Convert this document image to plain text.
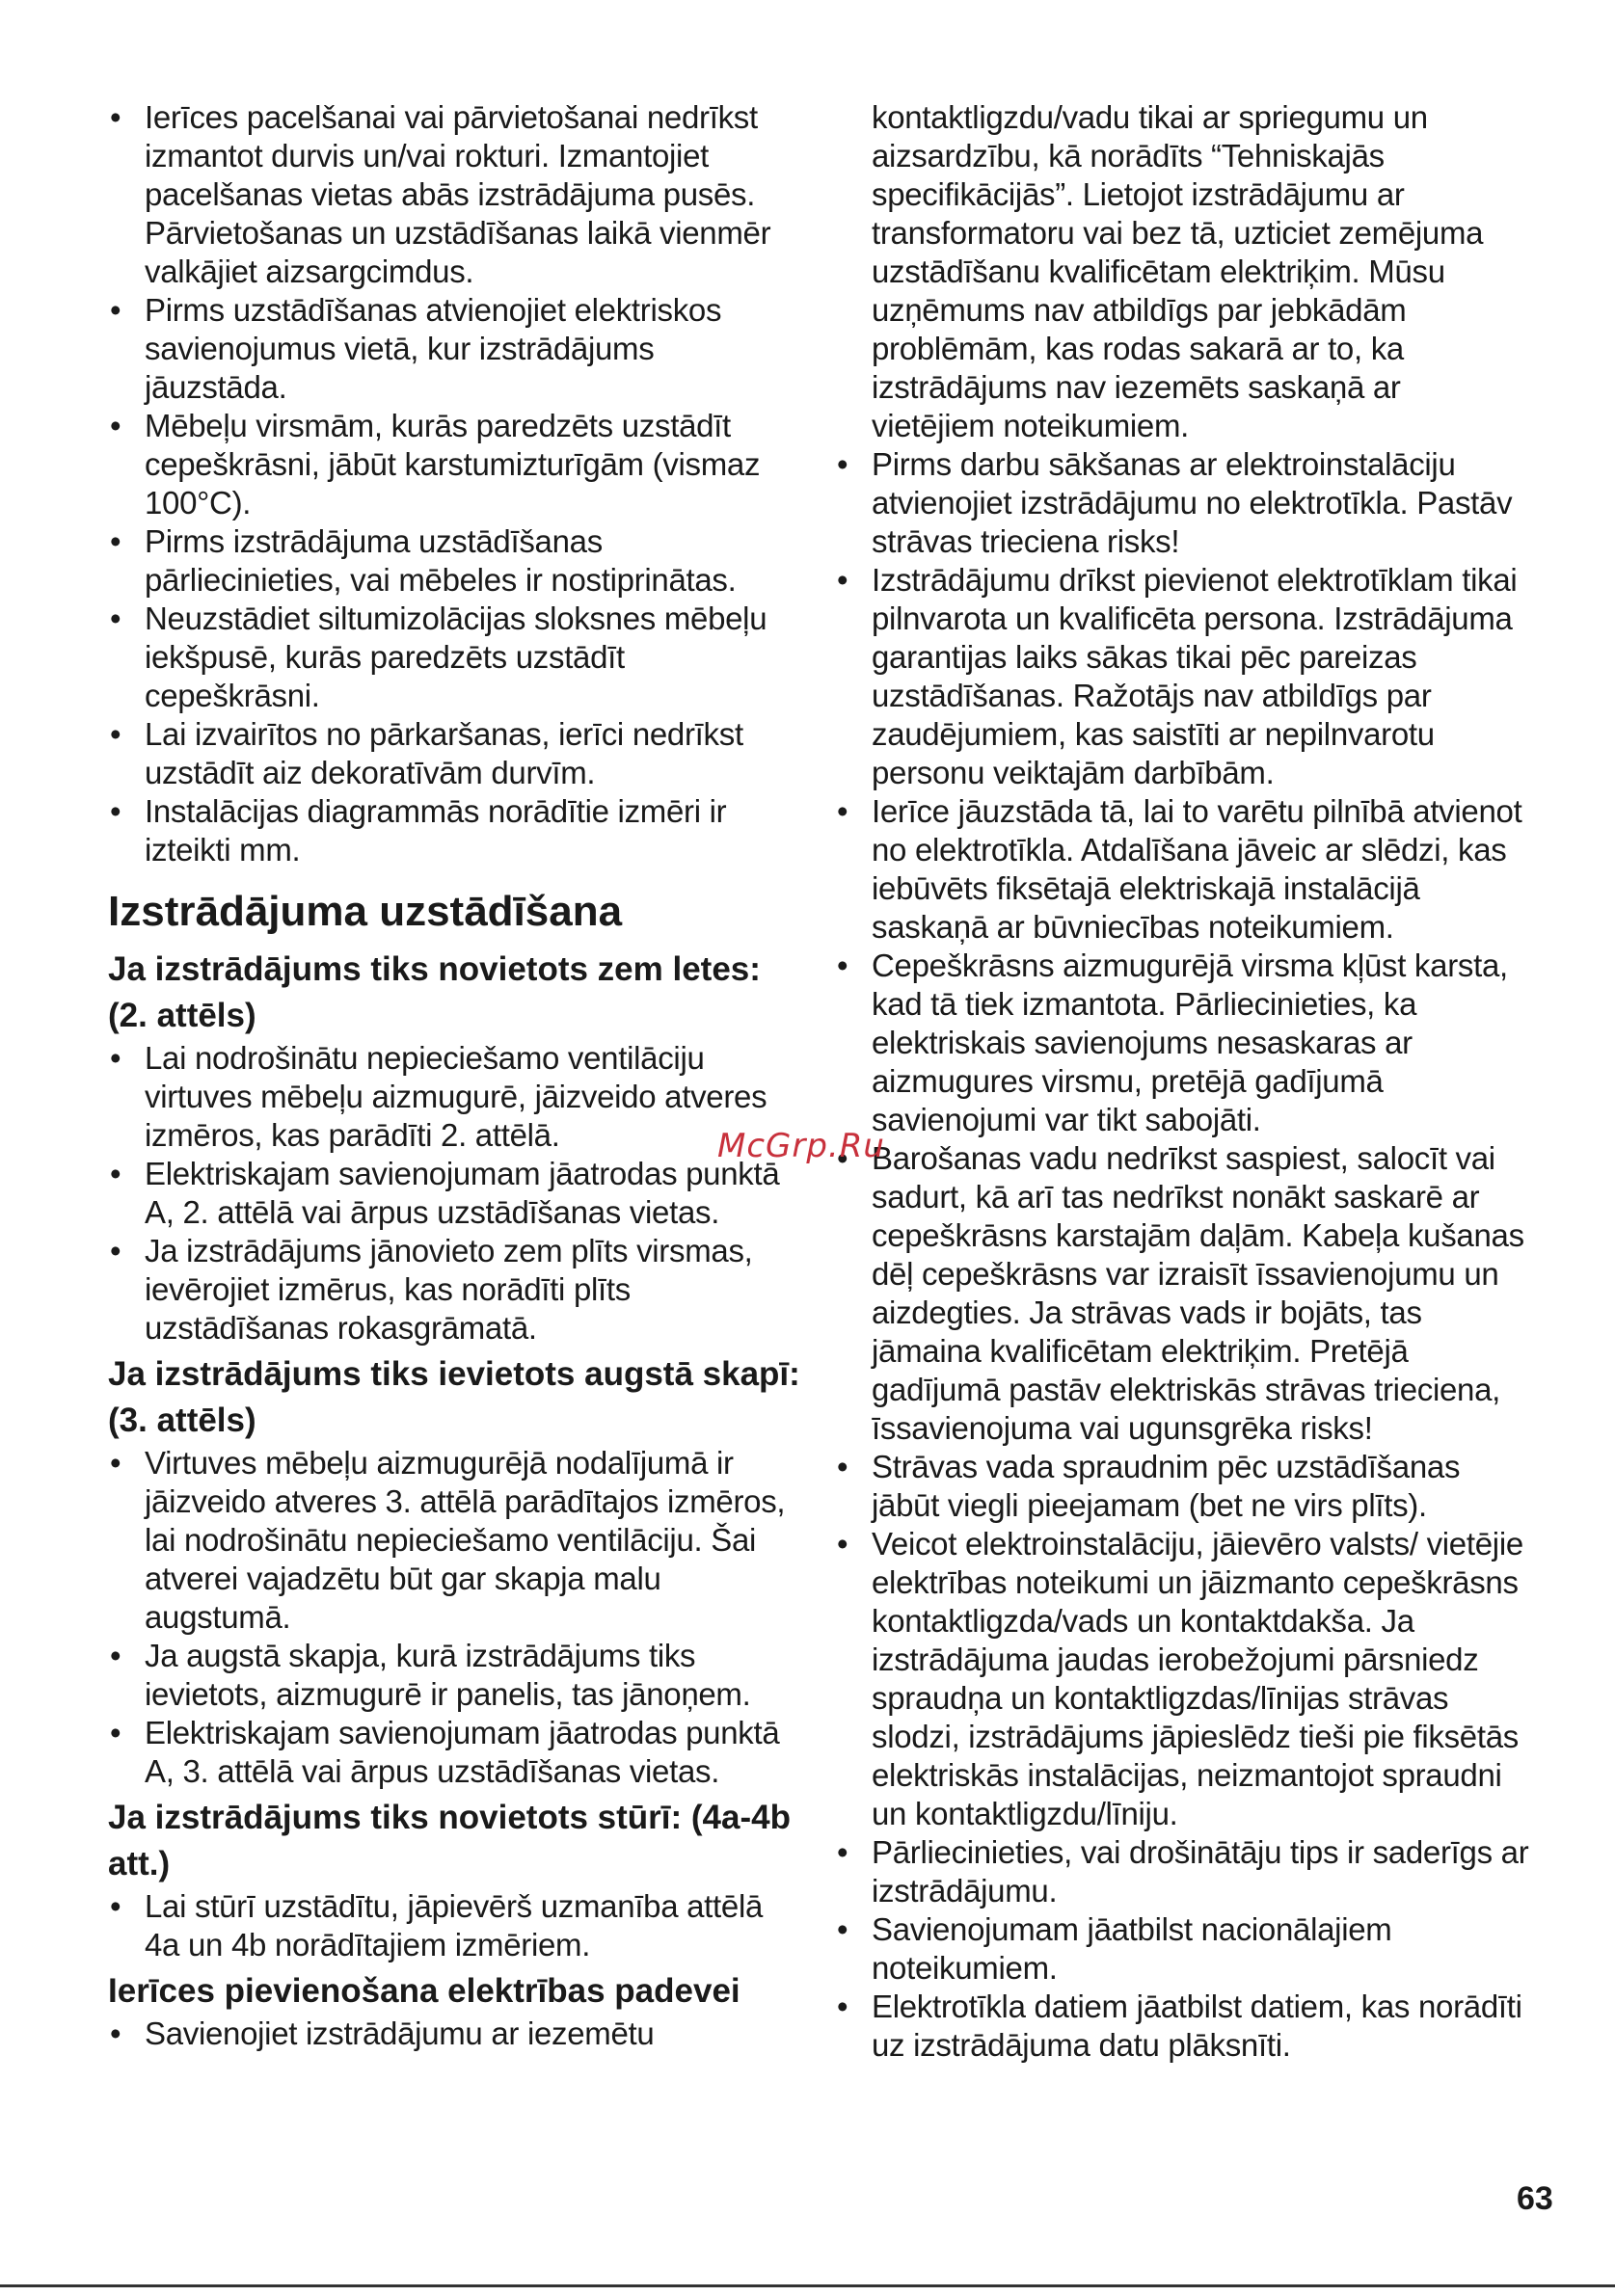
• Ierīces pacelšanai vai pārvietošanai nedrīkst izmantot durvis un/vai rokturi. Izmantojiet pacelšanas vietas abās izstrādājuma pusēs. Pārvietošanas un uzstādīšanas laikā vienmēr valkājiet aizsargcimdus.
• Pirms uzstādīšanas atvienojiet elektriskos savienojumus vietā, kur izstrādājums jāuzstāda.
• Mēbeļu virsmām, kurās paredzēts uzstādīt cepeškrāsni, jābūt karstumizturīgām (vismaz 100°C).
• Pirms izstrādājuma uzstādīšanas pārliecinieties, vai mēbeles ir nostiprinātas.
• Neuzstādiet siltumizolācijas sloksnes mēbeļu iekšpusē, kurās paredzēts uzstādīt cepeškrāsni.
• Lai izvairītos no pārkaršanas, ierīci nedrīkst uzstādīt aiz dekoratīvām durvīm.
• Instalācijas diagrammās norādītie izmēri ir izteikti mm.
Izstrādājuma uzstādīšana
Ja izstrādājums tiks novietots zem letes: (2. attēls)
• Lai nodrošinātu nepieciešamo ventilāciju virtuves mēbeļu aizmugurē, jāizveido atveres izmēros, kas parādīti 2. attēlā.
• Elektriskajam savienojumam jāatrodas punktā A, 2. attēlā vai ārpus uzstādīšanas vietas.
• Ja izstrādājums jānovieto zem plīts virsmas, ievērojiet izmērus, kas norādīti plīts uzstādīšanas rokasgrāmatā.
Ja izstrādājums tiks ievietots augstā skapī: (3. attēls)
• Virtuves mēbeļu aizmugurējā nodalījumā ir jāizveido atveres 3. attēlā parādītajos izmēros, lai nodrošinātu nepieciešamo ventilāciju. Šai atverei vajadzētu būt gar skapja malu augstumā.
• Ja augstā skapja, kurā izstrādājums tiks ievietots, aizmugurē ir panelis, tas jānoņem.
• Elektriskajam savienojumam jāatrodas punktā A, 3. attēlā vai ārpus uzstādīšanas vietas.
Ja izstrādājums tiks novietots stūrī: (4a-4b att.)
• Lai stūrī uzstādītu, jāpievērš uzmanība attēlā 4a un 4b norādītajiem izmēriem.
Ierīces pievienošana elektrības padevei
• Savienojiet izstrādājumu ar iezemētu

kontaktligzdu/vadu tikai ar spriegumu un aizsardzību, kā norādīts “Tehniskajās specifikācijās”. Lietojot izstrādājumu ar transformatoru vai bez tā, uzticiet zemējuma uzstādīšanu kvalificētam elektriķim. Mūsu uzņēmums nav atbildīgs par jebkādām problēmām, kas rodas sakarā ar to, ka izstrādājums nav iezemēts saskaņā ar vietējiem noteikumiem.

• Pirms darbu sākšanas ar elektroinstalāciju atvienojiet izstrādājumu no elektrotīkla. Pastāv strāvas trieciena risks!
• Izstrādājumu drīkst pievienot elektrotīklam tikai pilnvarota un kvalificēta persona. Izstrādājuma garantijas laiks sākas tikai pēc pareizas uzstādīšanas. Ražotājs nav atbildīgs par zaudējumiem, kas saistīti ar nepilnvarotu personu veiktajām darbībām.
• Ierīce jāuzstāda tā, lai to varētu pilnībā atvienot no elektrotīkla. Atdalīšana jāveic ar slēdzi, kas iebūvēts fiksētajā elektriskajā instalācijā saskaņā ar būvniecības noteikumiem.
• Cepeškrāsns aizmugurējā virsma kļūst karsta, kad tā tiek izmantota. Pārliecinieties, ka elektriskais savienojums nesaskaras ar aizmugures virsmu, pretējā gadījumā savienojumi var tikt sabojāti.
• Barošanas vadu nedrīkst saspiest, salocīt vai sadurt, kā arī tas nedrīkst nonākt saskarē ar cepeškrāsns karstajām daļām. Kabeļa kušanas dēļ cepeškrāsns var izraisīt īssavienojumu un aizdegties. Ja strāvas vads ir bojāts, tas jāmaina kvalificētam elektriķim. Pretējā gadījumā pastāv elektriskās strāvas trieciena, īssavienojuma vai ugunsgrēka risks!
• Strāvas vada spraudnim pēc uzstādīšanas jābūt viegli pieejamam (bet ne virs plīts).
• Veicot elektroinstalāciju, jāievēro valsts/ vietējie elektrības noteikumi un jāizmanto cepeškrāsns kontaktligzda/vads un kontaktdakša. Ja izstrādājuma jaudas ierobežojumi pārsniedz spraudņa un kontaktligzdas/līnijas strāvas slodzi, izstrādājums jāpieslēdz tieši pie fiksētās elektriskās instalācijas, neizmantojot spraudni un kontaktligzdu/līniju.
• Pārliecinieties, vai drošinātāju tips ir saderīgs ar izstrādājumu.
• Savienojumam jāatbilst nacionālajiem noteikumiem.
• Elektrotīkla datiem jāatbilst datiem, kas norādīti uz izstrādājuma datu plāksnīti.
McGrp.Ru
63
